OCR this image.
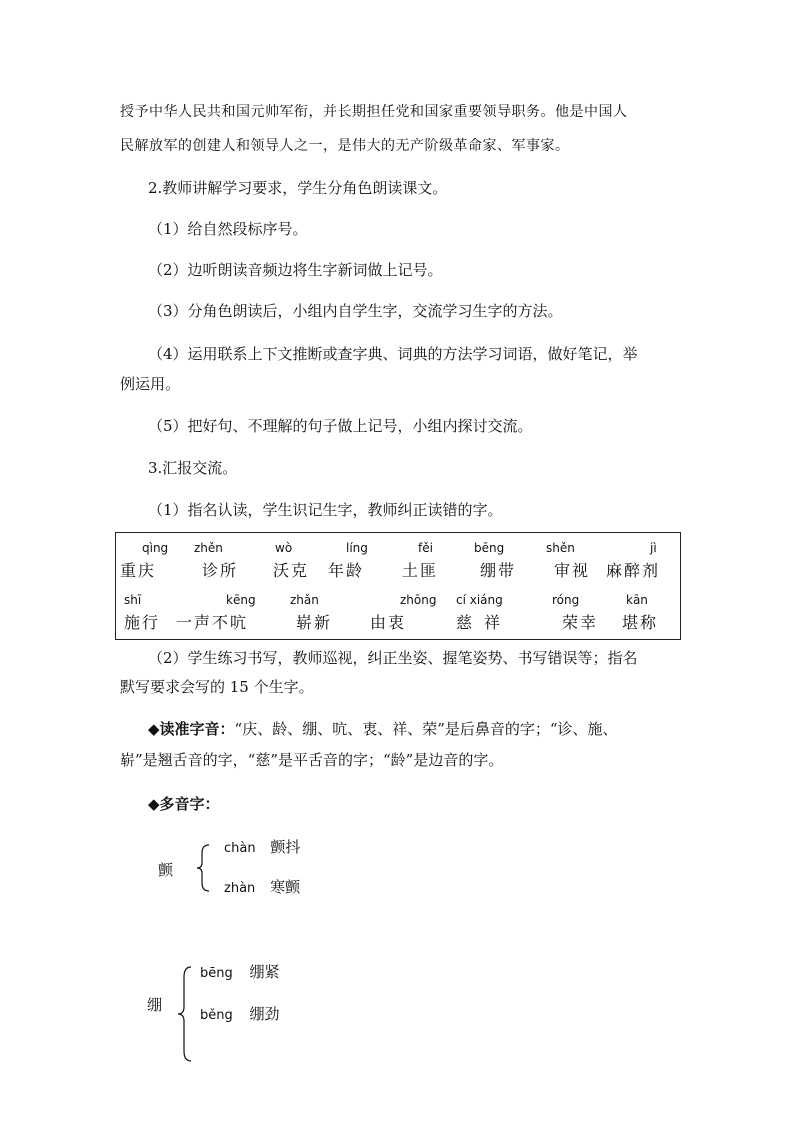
授予中华人民共和国元帅军衔，并长期担任党和国家重要领导职务。他是中国人
民解放军的创建人和领导人之一，是伟大的无产阶级革命家、军事家。
2.教师讲解学习要求，学生分角色朗读课文。
（1）给自然段标序号。
（2）边听朗读音频边将生字新词做上记号。
（3）分角色朗读后，小组内自学生字，交流学习生字的方法。
（4）运用联系上下文推断或查字典、词典的方法学习词语，做好笔记，举
例运用。
（5）把好句、不理解的句子做上记号，小组内探讨交流。
3.汇报交流。
（1）指名认读，学生识记生字，教师纠正读错的字。
qìng
重庆
zhěn
诊所
wò
沃克
líng
年龄
fěi
土匪
bēng
绷带
shěn
审视
jì
麻醉剂
shī
施行
kēng
一声不吭
zhǎn
崭新
zhōng
由衷
cí xiáng
慈祥
róng
荣幸
kān
堪称
（2）学生练习书写，教师巡视，纠正坐姿、握笔姿势、书写错误等；指名
默写要求会写的 15 个生字。
◆读准字音：“庆、龄、绷、吭、衷、祥、荣”是后鼻音的字；“诊、施、
崭”是翘舌音的字，“慈”是平舌音的字；“龄”是边音的字。
◆多音字：
颤
chàn 颤抖
zhàn 寒颤
绷
bēng 绷紧
běng 绷劲
